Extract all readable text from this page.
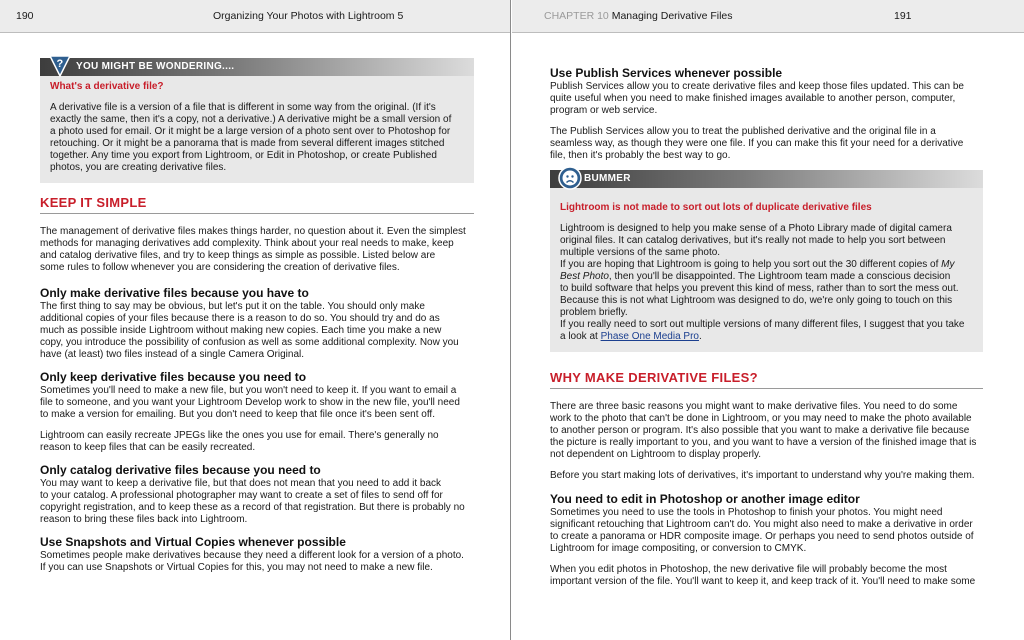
190	Organizing Your Photos with Lightroom 5
? YOU MIGHT BE WONDERING....
What's a derivative file?

A derivative file is a version of a file that is different in some way from the original. (If it's
exactly the same, then it's a copy, not a derivative.) A derivative might be a small version of
a photo used for email. Or it might be a large version of a photo sent over to Photoshop for
retouching. Or it might be a panorama that is made from several different images stitched
together. Any time you export from Lightroom, or Edit in Photoshop, or create Published
photos, you are creating derivative files.

KEEP IT SIMPLE

The management of derivative files makes things harder, no question about it. Even the simplest
methods for managing derivatives add complexity. Think about your real needs to make, keep
and catalog derivative files, and try to keep things as simple as possible. Listed below are
some rules to follow whenever you are considering the creation of derivative files.

Only make derivative files because you have to

The first thing to say may be obvious, but let's put it on the table. You should only make
additional copies of your files because there is a reason to do so. You should try and do as
much as possible inside Lightroom without making new copies. Each time you make a new
copy, you introduce the possibility of confusion as well as some additional complexity. Now you
have (at least) two files instead of a single Camera Original.

Only keep derivative files because you need to

Sometimes you'll need to make a new file, but you won't need to keep it. If you want to email a
file to someone, and you want your Lightroom Develop work to show in the new file, you'll need
to make a version for emailing. But you don't need to keep that file once it's been sent off.

Lightroom can easily recreate JPEGs like the ones you use for email. There's generally no
reason to keep files that can be easily recreated.

Only catalog derivative files because you need to

You may want to keep a derivative file, but that does not mean that you need to add it back
to your catalog. A professional photographer may want to create a set of files to send off for
copyright registration, and to keep these as a record of that registration. But there is probably no
reason to bring these files back into Lightroom.

Use Snapshots and Virtual Copies whenever possible

Sometimes people make derivatives because they need a different look for a version of a photo.
If you can use Snapshots or Virtual Copies for this, you may not need to make a new file.

CHAPTER 10 Managing Derivative Files	191
Use Publish Services whenever possible

Publish Services allow you to create derivative files and keep those files updated. This can be
quite useful when you need to make finished images available to another person, computer,
program or web service.

The Publish Services allow you to treat the published derivative and the original file in a
seamless way, as though they were one file. If you can make this fit your need for a derivative
file, then it's probably the best way to go.

BUMMER
Lightroom is not made to sort out lots of duplicate derivative files

Lightroom is designed to help you make sense of a Photo Library made of digital camera
original files. It can catalog derivatives, but it's really not made to help you sort between
multiple versions of the same photo.

If you are hoping that Lightroom is going to help you sort out the 30 different copies of My
Best Photo, then you'll be disappointed. The Lightroom team made a conscious decision
to build software that helps you prevent this kind of mess, rather than to sort the mess out.
Because this is not what Lightroom was designed to do, we're only going to touch on this
problem briefly.

If you really need to sort out multiple versions of many different files, I suggest that you take
a look at Phase One Media Pro.

WHY MAKE DERIVATIVE FILES?

There are three basic reasons you might want to make derivative files. You need to do some
work to the photo that can't be done in Lightroom, or you may need to make the photo available
to another person or program. It's also possible that you want to make a derivative file because
the picture is really important to you, and you want to have a version of the finished image that is
not dependent on Lightroom to display properly.

Before you start making lots of derivatives, it's important to understand why you're making them.

You need to edit in Photoshop or another image editor

Sometimes you need to use the tools in Photoshop to finish your photos. You might need
significant retouching that Lightroom can't do. You might also need to make a derivative in order
to create a panorama or HDR composite image. Or perhaps you need to send photos outside of
Lightroom for image compositing, or conversion to CMYK.

When you edit photos in Photoshop, the new derivative file will probably become the most
important version of the file. You'll want to keep it, and keep track of it. You'll need to make some
